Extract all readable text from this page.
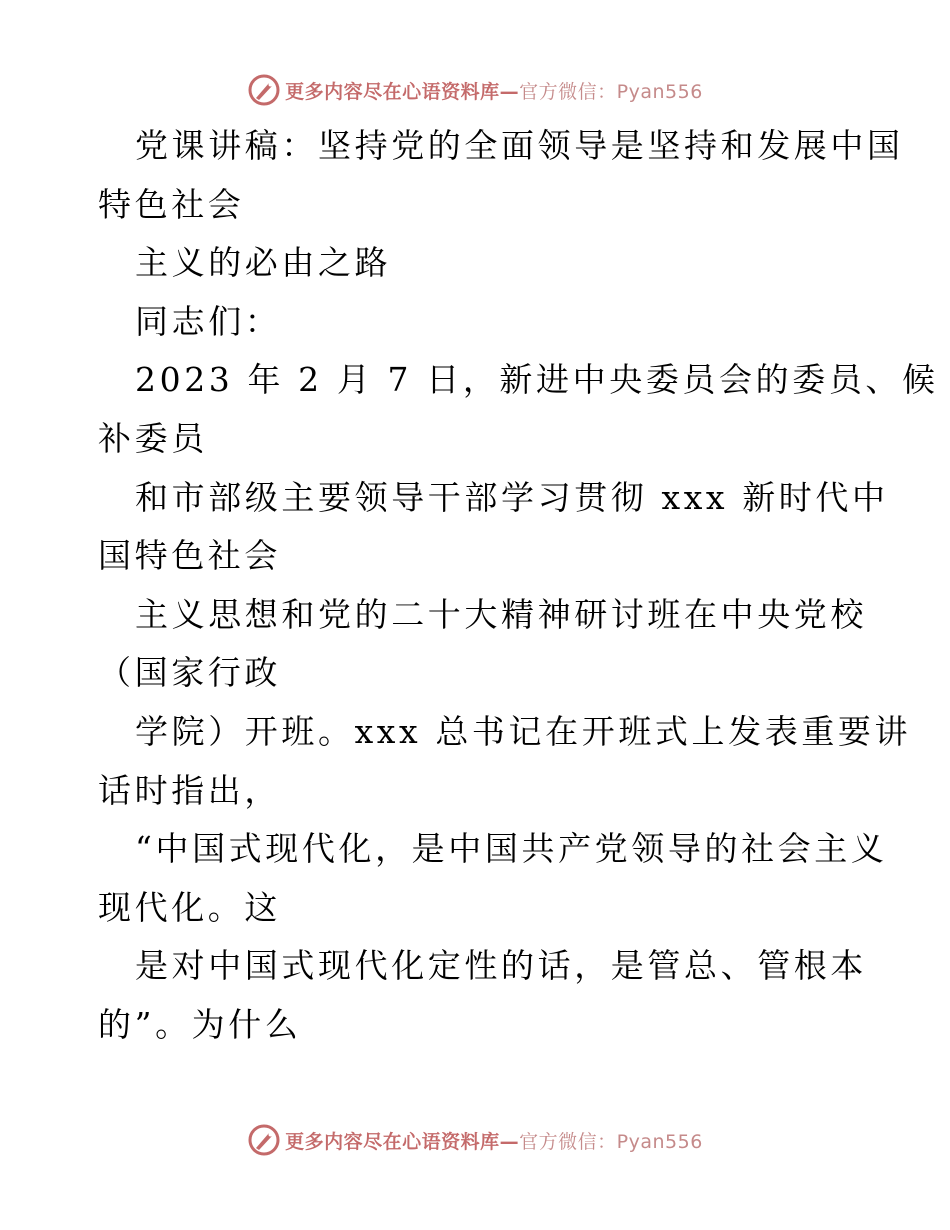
更多内容尽在心语资料库—官方微信：Pyan556
党课讲稿：坚持党的全面领导是坚持和发展中国
特色社会
主义的必由之路
同志们：
2023 年 2 月 7 日，新进中央委员会的委员、候
补委员
和市部级主要领导干部学习贯彻 xxx 新时代中
国特色社会
主义思想和党的二十大精神研讨班在中央党校
（国家行政
学院）开班。xxx 总书记在开班式上发表重要讲
话时指出，
“中国式现代化，是中国共产党领导的社会主义
现代化。这
是对中国式现代化定性的话，是管总、管根本
的”。为什么
更多内容尽在心语资料库—官方微信：Pyan556
